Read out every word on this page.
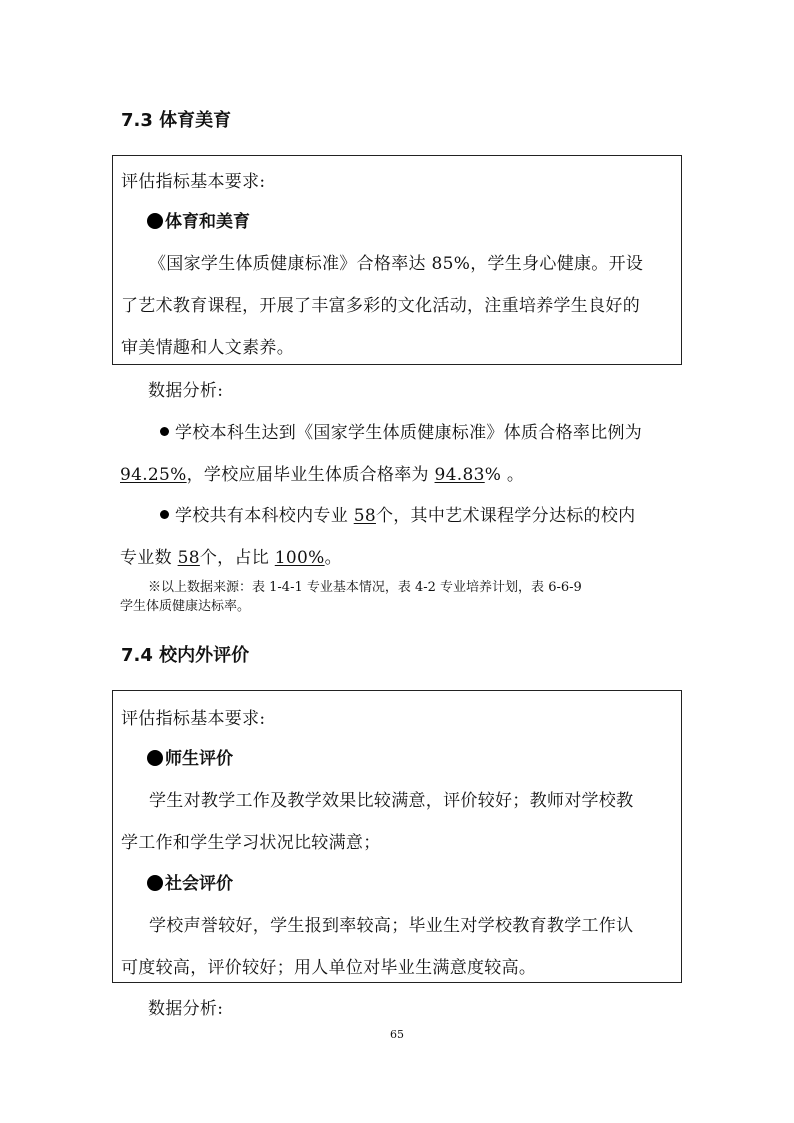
7.3 体育美育
评估指标基本要求:
体育和美育
《国家学生体质健康标准》合格率达 85%，学生身心健康。开设
了艺术教育课程，开展了丰富多彩的文化活动，注重培养学生良好的
审美情趣和人文素养。
数据分析:
学校本科生达到《国家学生体质健康标准》体质合格率比例为
94.25%，学校应届毕业生体质合格率为 94.83% 。
学校共有本科校内专业 58个，其中艺术课程学分达标的校内
专业数 58个，占比 100%。
※以上数据来源：表 1-4-1 专业基本情况，表 4-2 专业培养计划，表 6-6-9
学生体质健康达标率。
7.4 校内外评价
评估指标基本要求:
师生评价
学生对教学工作及教学效果比较满意，评价较好；教师对学校教
学工作和学生学习状况比较满意；
社会评价
学校声誉较好，学生报到率较高；毕业生对学校教育教学工作认
可度较高，评价较好；用人单位对毕业生满意度较高。
数据分析:
65
